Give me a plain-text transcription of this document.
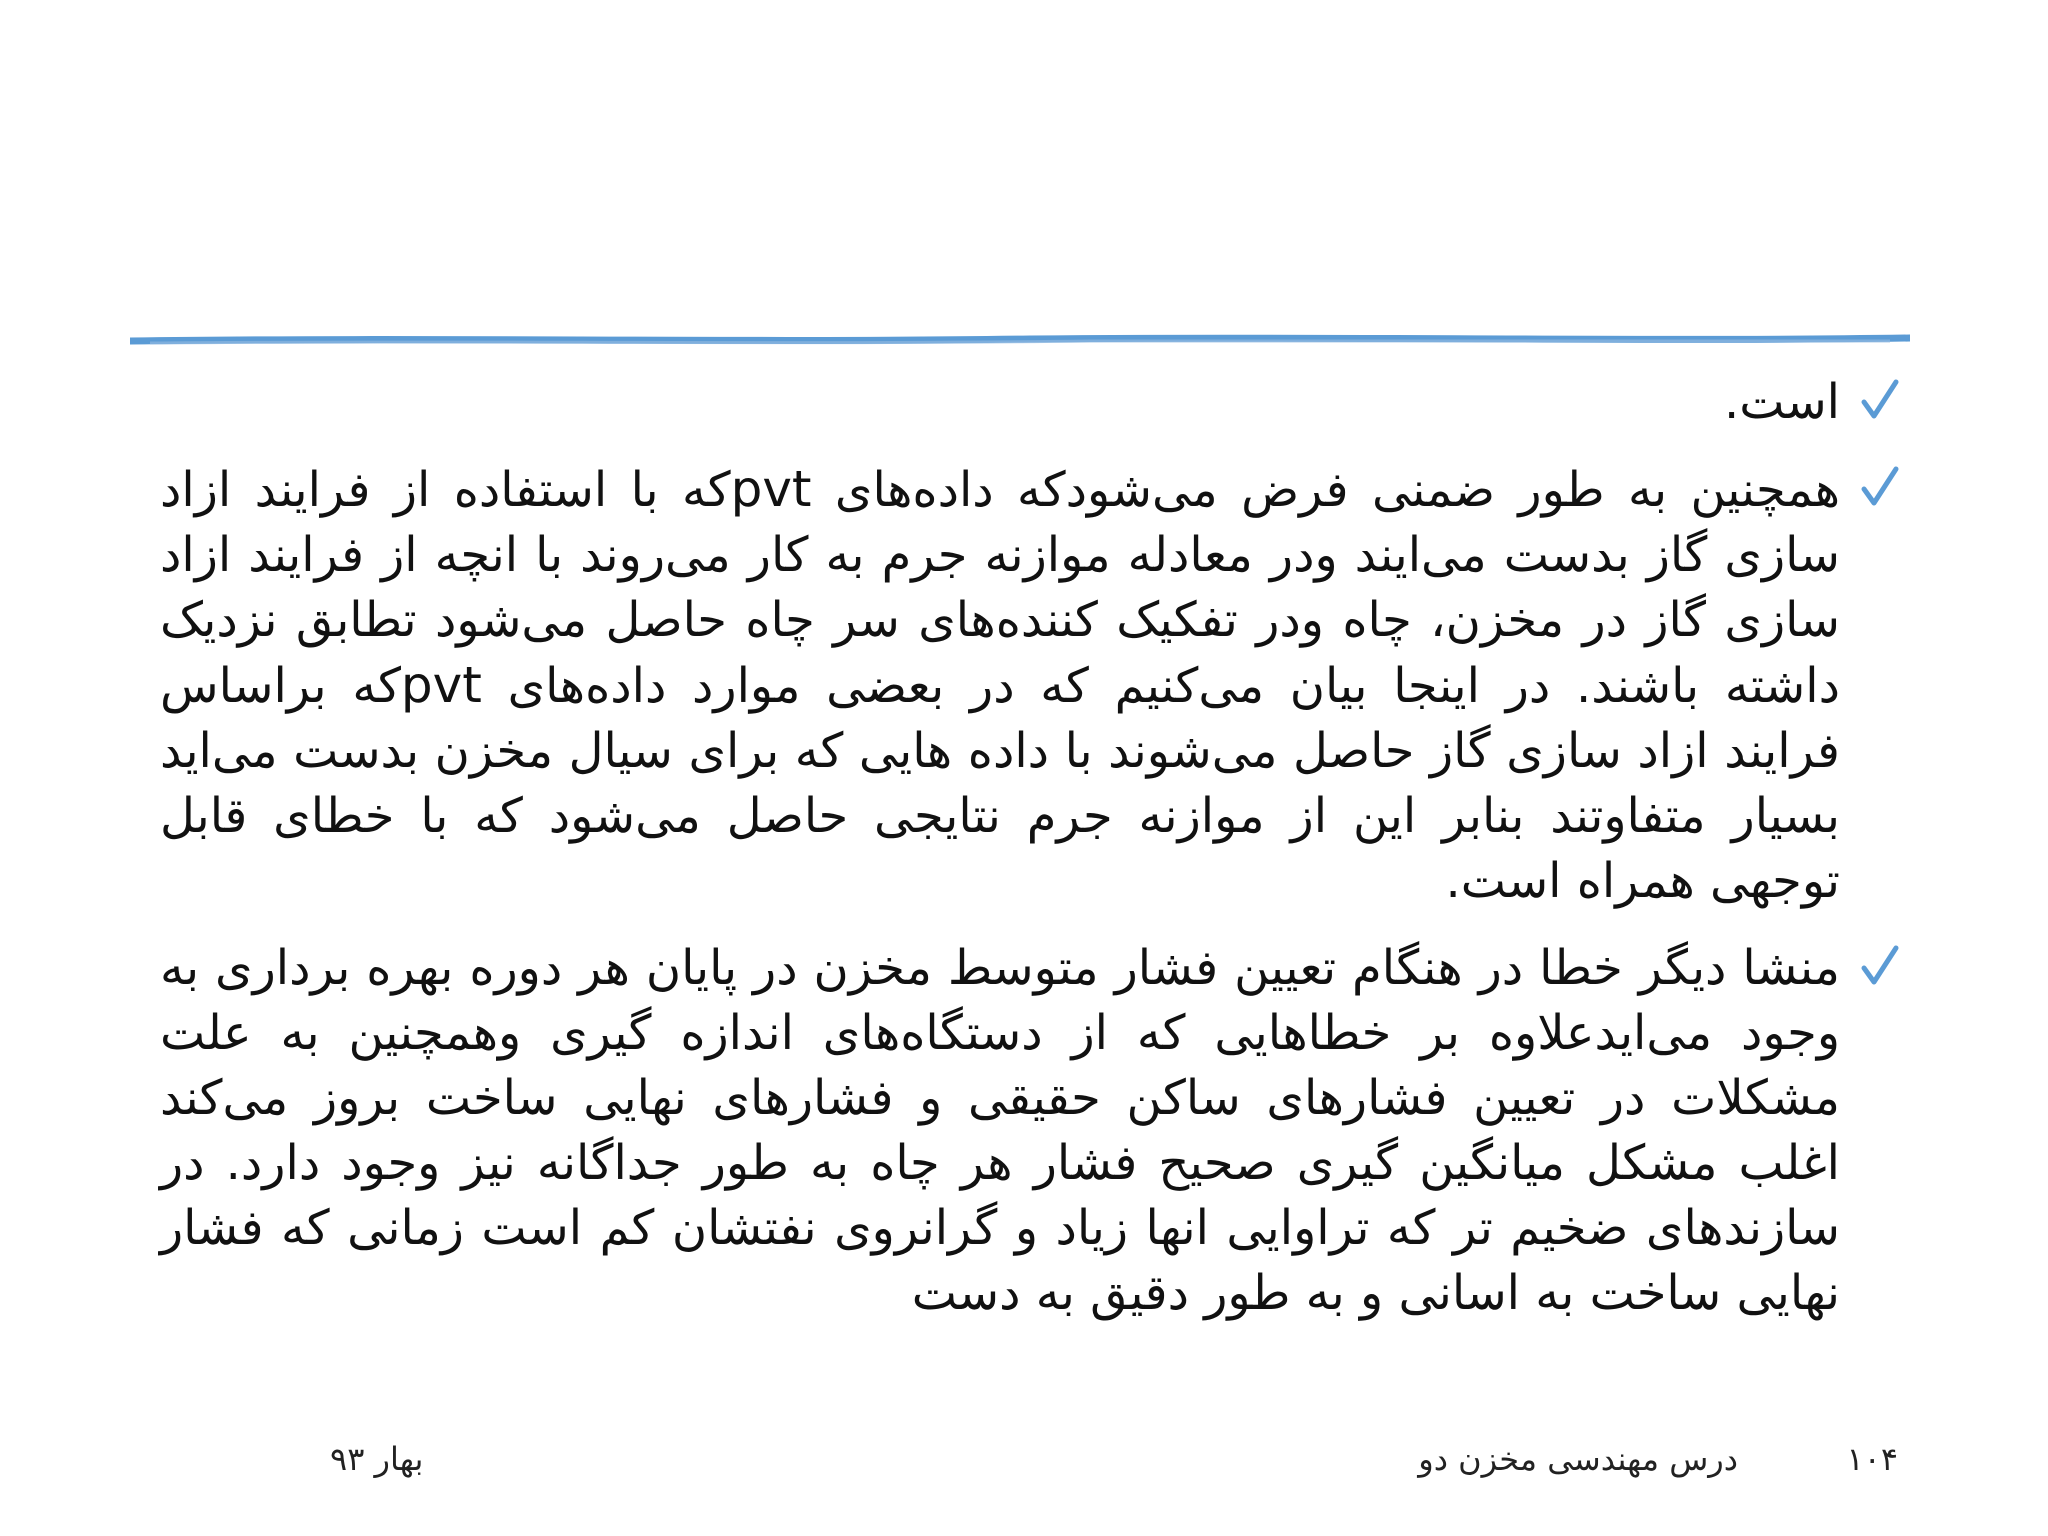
است.

همچنین به طور ضمنی فرض می‌شودکه داده‌های pvtکه با استفاده از فرایند ازاد سازی گاز بدست می‌ایند ودر معادله موازنه جرم به کار می‌روند با انچه از فرایند ازاد سازی گاز در مخزن، چاه ودر تفکیک کننده‌های سر چاه حاصل می‌شود تطابق نزدیک داشته باشند. در اینجا بیان می‌کنیم که در بعضی موارد داده‌های pvtکه براساس فرایند ازاد سازی گاز حاصل می‌شوند با داده هایی که برای سیال مخزن بدست می‌اید بسیار متفاوتند بنابر این از موازنه جرم نتایجی حاصل می‌شود که با خطای قابل توجهی همراه است.

منشا دیگر خطا در هنگام تعیین فشار متوسط مخزن در پایان هر دوره بهره برداری به وجود می‌ایدعلاوه بر خطاهایی که از دستگاه‌های اندازه گیری وهمچنین به علت مشکلات در تعیین فشارهای ساکن حقیقی و فشارهای نهایی ساخت بروز می‌کند اغلب مشکل میانگین گیری صحیح فشار هر چاه به طور جداگانه نیز وجود دارد. در سازندهای ضخیم تر که تراوایی انها زیاد و گرانروی نفتشان کم است زمانی که فشار نهایی ساخت به اسانی و به طور دقیق به دست

۱۰۴
درس مهندسی مخزن دو
بهار ۹۳
